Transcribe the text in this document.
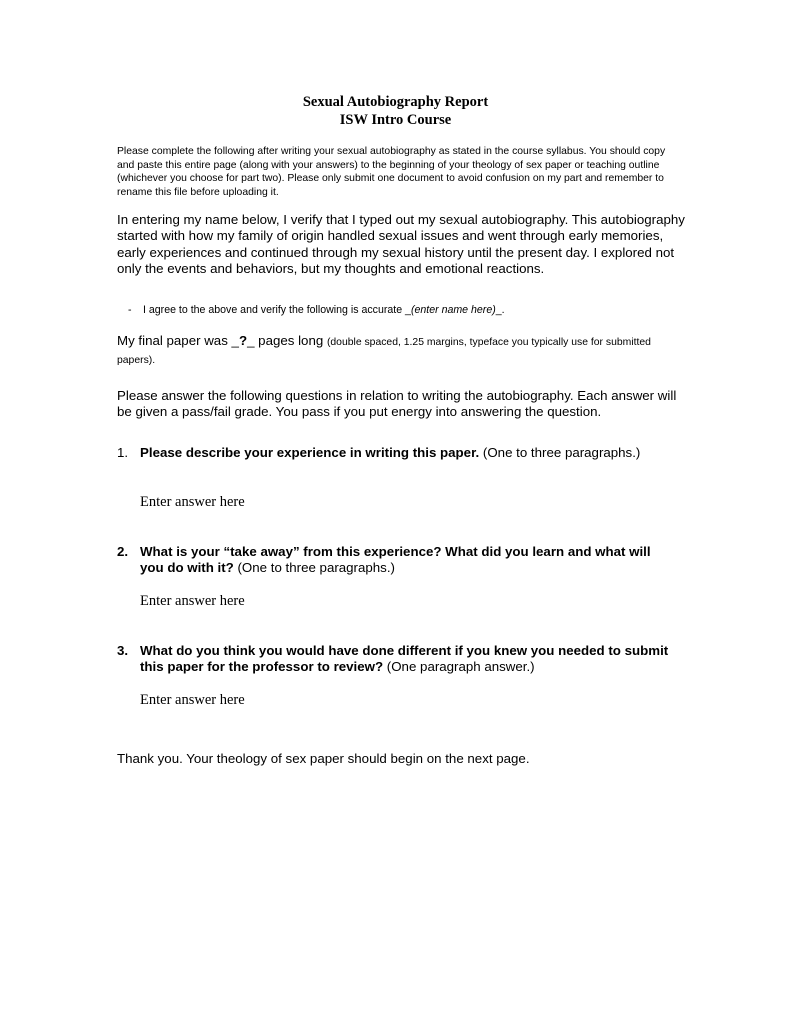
Sexual Autobiography Report
ISW Intro Course
Please complete the following after writing your sexual autobiography as stated in the course syllabus. You should copy and paste this entire page (along with your answers) to the beginning of your theology of sex paper or teaching outline (whichever you choose for part two). Please only submit one document to avoid confusion on my part and remember to rename this file before uploading it.
In entering my name below, I verify that I typed out my sexual autobiography. This autobiography started with how my family of origin handled sexual issues and went through early memories, early experiences and continued through my sexual history until the present day. I explored not only the events and behaviors, but my thoughts and emotional reactions.
- I agree to the above and verify the following is accurate _(enter name here)_.
My final paper was _?_ pages long (double spaced, 1.25 margins, typeface you typically use for submitted papers).
Please answer the following questions in relation to writing the autobiography. Each answer will be given a pass/fail grade. You pass if you put energy into answering the question.
1. Please describe your experience in writing this paper. (One to three paragraphs.)
Enter answer here
2. What is your “take away” from this experience? What did you learn and what will you do with it? (One to three paragraphs.)
Enter answer here
3. What do you think you would have done different if you knew you needed to submit this paper for the professor to review? (One paragraph answer.)
Enter answer here
Thank you. Your theology of sex paper should begin on the next page.
